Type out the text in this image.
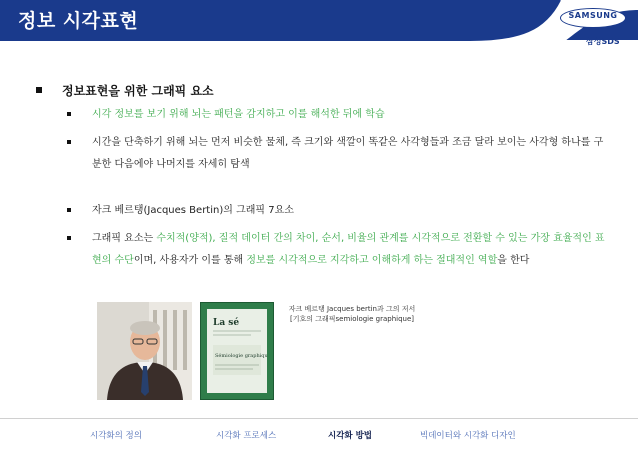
정보 시각표현	SAMSUNG
삼성SDS
정보표현을 위한 그래픽 요소
시각 정보를 보기 위해 뇌는 패턴을 감지하고 이를 해석한 뒤에 학습
시간을 단축하기 위해 뇌는 먼저 비슷한 물체, 즉 크기와 색깔이 똑같은 사각형들과 조금 달라 보이는 사각형 하나를 구분한 다음에야 나머지를 자세히 탐색
자크 베르탱(Jacques Bertin)의 그래픽 7요소
그래픽 요소는 수치적(양적), 질적 데이터 간의 차이, 순서, 비율의 관계를 시각적으로 전환할 수 있는 가장 효율적인 표현의 수단이며, 사용자가 이를 통해 정보를 시각적으로 지각하고 이해하게 하는 절대적인 역할을 한다
La sé
Sémiologie graphique
자크 베르탱 Jacques bertin과 그의 저서 [기호의 그래픽semiologie graphique]
시각화의 정의	시각화 프로세스	시각화 방법	빅데이터와 시각화 디자인
